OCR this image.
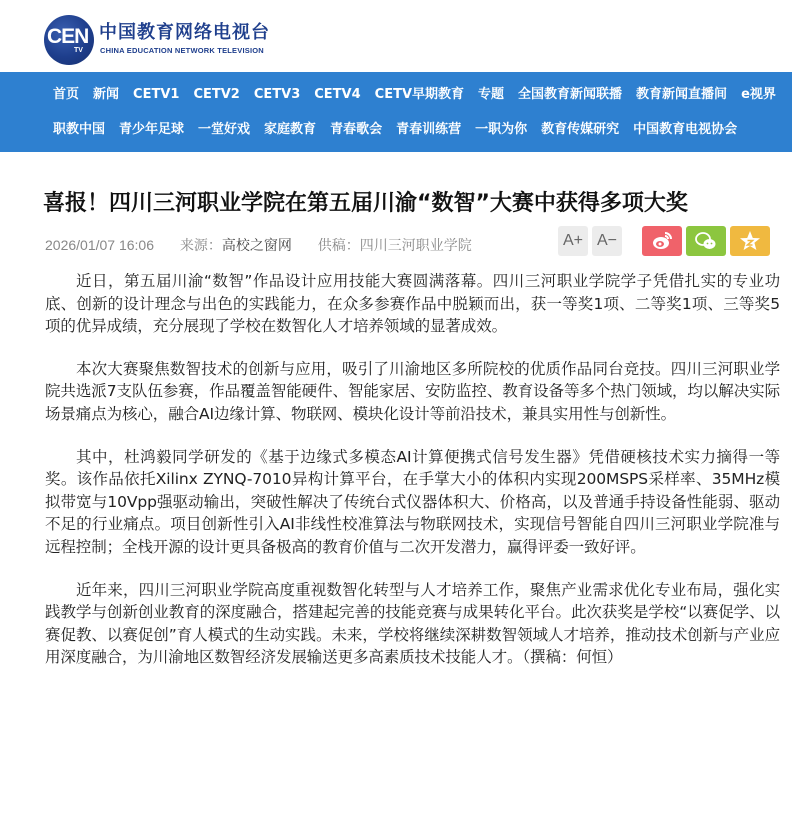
CEN
TV
中国教育网络电视台
CHINA EDUCATION NETWORK TELEVISION
首页 新闻 CETV1 CETV2 CETV3 CETV4 CETV早期教育 专题 全国教育新闻联播 教育新闻直播间 e视界
职教中国 青少年足球 一堂好戏 家庭教育 青春歌会 青春训练营 一职为你 教育传媒研究 中国教育电视协会
喜报！四川三河职业学院在第五届川渝“数智”大赛中获得多项大奖
2026/01/07 16:06 来源：高校之窗网 供稿：四川三河职业学院	A+ A−

近日，第五届川渝“数智”作品设计应用技能大赛圆满落幕。四川三河职业学院学子凭借扎实的专业功底、创新的设计理念与出色的实践能力，在众多参赛作品中脱颖而出，获一等奖1项、二等奖1项、三等奖5项的优异成绩，充分展现了学校在数智化人才培养领域的显著成效。

本次大赛聚焦数智技术的创新与应用，吸引了川渝地区多所院校的优质作品同台竞技。四川三河职业学院共选派7支队伍参赛，作品覆盖智能硬件、智能家居、安防监控、教育设备等多个热门领域，均以解决实际场景痛点为核心，融合AI边缘计算、物联网、模块化设计等前沿技术，兼具实用性与创新性。

其中，杜鸿毅同学研发的《基于边缘式多模态AI计算便携式信号发生器》凭借硬核技术实力摘得一等奖。该作品依托Xilinx ZYNQ-7010异构计算平台，在手掌大小的体积内实现200MSPS采样率、35MHz模拟带宽与10Vpp强驱动输出，突破性解决了传统台式仪器体积大、价格高，以及普通手持设备性能弱、驱动不足的行业痛点。项目创新性引入AI非线性校准算法与物联网技术，实现信号智能自四川三河职业学院准与远程控制；全栈开源的设计更具备极高的教育价值与二次开发潜力，赢得评委一致好评。

近年来，四川三河职业学院高度重视数智化转型与人才培养工作，聚焦产业需求优化专业布局，强化实践教学与创新创业教育的深度融合，搭建起完善的技能竞赛与成果转化平台。此次获奖是学校“以赛促学、以赛促教、以赛促创”育人模式的生动实践。未来，学校将继续深耕数智领域人才培养，推动技术创新与产业应用深度融合，为川渝地区数智经济发展输送更多高素质技术技能人才。（撰稿：何恒）
